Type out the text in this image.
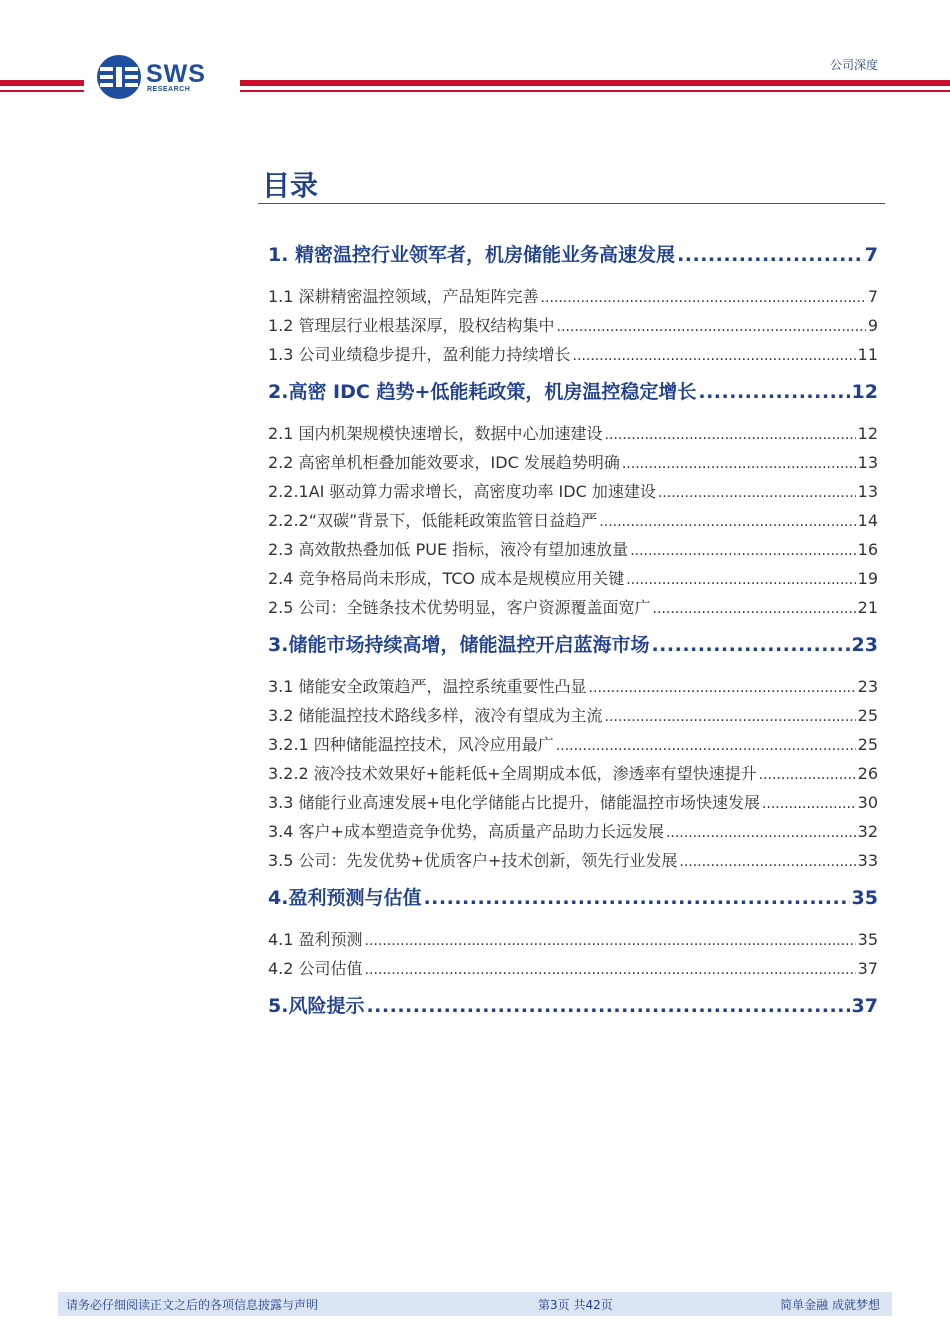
SWS
RESEARCH
公司深度
目录
1. 精密温控行业领军者，机房储能业务高速发展 .....	7
1.1 深耕精密温控领域，产品矩阵完善 .....	7
1.2 管理层行业根基深厚，股权结构集中 .....	9
1.3 公司业绩稳步提升，盈利能力持续增长 .....	11
2.高密 IDC 趋势+低能耗政策，机房温控稳定增长 .....	12
2.1 国内机架规模快速增长，数据中心加速建设 .....	12
2.2 高密单机柜叠加能效要求，IDC 发展趋势明确 .....	13
2.2.1AI 驱动算力需求增长，高密度功率 IDC 加速建设 .....	13
2.2.2“双碳”背景下，低能耗政策监管日益趋严 .....	14
2.3 高效散热叠加低 PUE 指标，液冷有望加速放量 .....	16
2.4 竞争格局尚未形成，TCO 成本是规模应用关键 .....	19
2.5 公司：全链条技术优势明显，客户资源覆盖面宽广 .....	21
3.储能市场持续高增，储能温控开启蓝海市场 .....	23
3.1 储能安全政策趋严，温控系统重要性凸显 .....	23
3.2 储能温控技术路线多样，液冷有望成为主流 .....	25
3.2.1 四种储能温控技术，风冷应用最广 .....	25
3.2.2 液冷技术效果好+能耗低+全周期成本低，渗透率有望快速提升 .....	26
3.3 储能行业高速发展+电化学储能占比提升，储能温控市场快速发展 .....	30
3.4 客户+成本塑造竞争优势，高质量产品助力长远发展 .....	32
3.5 公司：先发优势+优质客户+技术创新，领先行业发展 .....	33
4.盈利预测与估值 .....	35
4.1 盈利预测 .....	35
4.2 公司估值 .....	37
5.风险提示 .....	37
请务必仔细阅读正文之后的各项信息披露与声明	第3页 共42页	简单金融 成就梦想
